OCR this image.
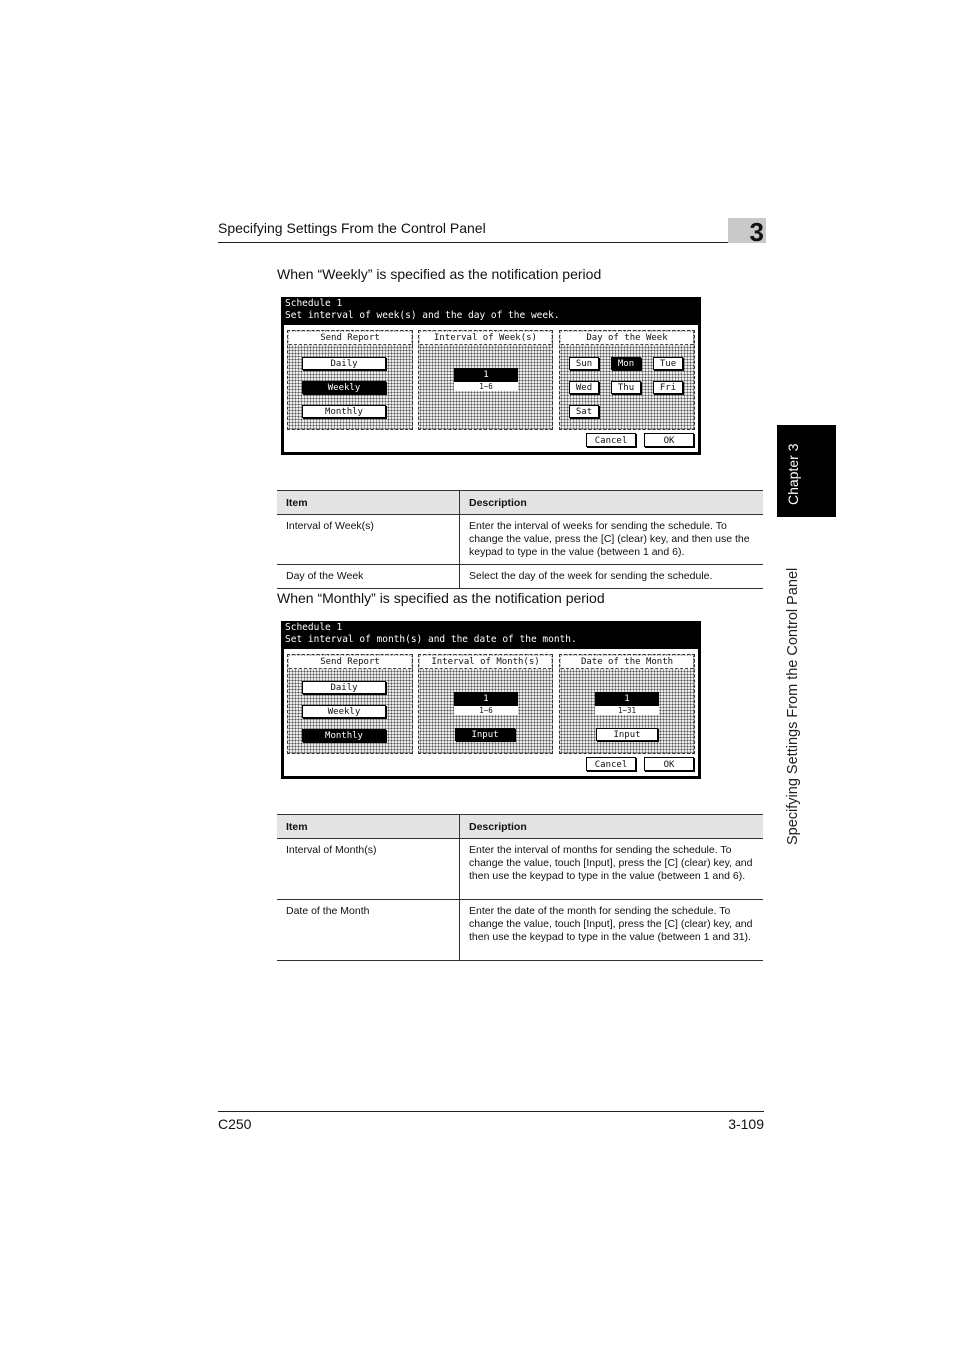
Specifying Settings From the Control Panel	3
Chapter 3
Specifying Settings From the Control Panel
When “Weekly” is specified as the notification period
Schedule 1
Set interval of week(s) and the day of the week.
Send Report
Daily
Weekly
Monthly
Interval of Week(s)
1
1~6
Day of the Week
Sun	Mon	Tue
Wed	Thu	Fri
Sat
Cancel	OK
Item	Description
Interval of Week(s)	Enter the interval of weeks for sending the schedule. To change the value, press the [C] (clear) key, and then use the keypad to type in the value (between 1 and 6).
Day of the Week	Select the day of the week for sending the schedule.
When “Monthly” is specified as the notification period
Schedule 1
Set interval of month(s) and the date of the month.
Send Report
Daily
Weekly
Monthly
Interval of Month(s)
1
1~6
Input
Date of the Month
1
1~31
Input
Cancel	OK
Item	Description
Interval of Month(s)	Enter the interval of months for sending the schedule. To change the value, touch [Input], press the [C] (clear) key, and then use the keypad to type in the value (between 1 and 6).
Date of the Month	Enter the date of the month for sending the schedule. To change the value, touch [Input], press the [C] (clear) key, and then use the keypad to type in the value (between 1 and 31).
C250	3-109
